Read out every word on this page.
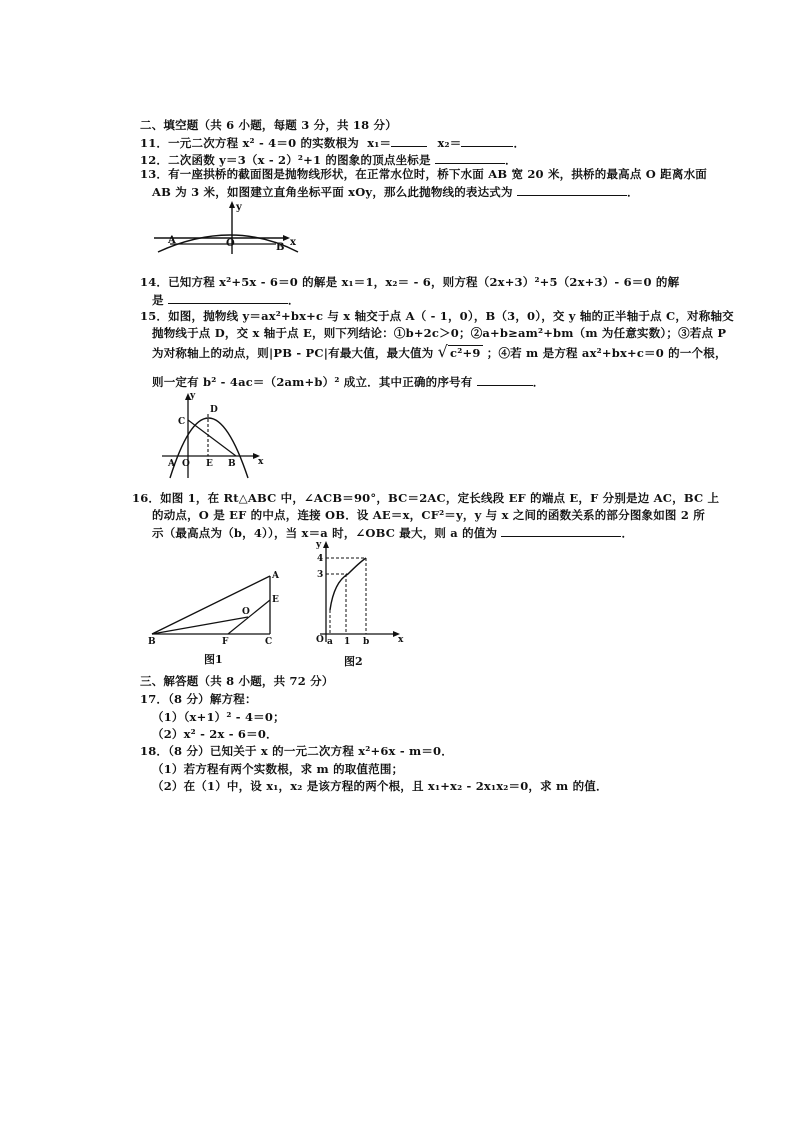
二、填空题（共 6 小题，每题 3 分，共 18 分）
11．一元二次方程 x² - 4＝0 的实数根为 x₁＝	x₂＝	．
12．二次函数 y＝3（x - 2）²+1 的图象的顶点坐标是	．
13．有一座拱桥的截面图是抛物线形状，在正常水位时，桥下水面 AB 宽 20 米，拱桥的最高点 O 距离水面
AB 为 3 米，如图建立直角坐标平面 xOy，那么此抛物线的表达式为	．
y
x
A	O	B
14．已知方程 x²+5x - 6＝0 的解是 x₁＝1，x₂＝ - 6，则方程（2x+3）²+5（2x+3）- 6＝0 的解
是	．
15．如图，抛物线 y＝ax²+bx+c 与 x 轴交于点 A（ - 1，0），B（3，0），交 y 轴的正半轴于点 C，对称轴交
抛物线于点 D，交 x 轴于点 E，则下列结论：①b+2c＞0；②a+b≥am²+bm（m 为任意实数）；③若点 P
为对称轴上的动点，则|PB - PC|有最大值，最大值为 √ c²+9 ；④若 m 是方程 ax²+bx+c＝0 的一个根，
则一定有 b² - 4ac＝（2am+b）² 成立．其中正确的序号有	．
y
x
C
D
A O E B
16．如图 1，在 Rt△ABC 中，∠ACB＝90°，BC＝2AC，定长线段 EF 的端点 E，F 分别是边 AC，BC 上
的动点，O 是 EF 的中点，连接 OB．设 AE＝x，CF²＝y，y 与 x 之间的函数关系的部分图象如图 2 所
示（最高点为（b，4）），当 x＝a 时，∠OBC 最大，则 a 的值为	．
A
E
O
B	F	C
图1
y
x
4
3
O a 1 b
图2
三、解答题（共 8 小题，共 72 分）
17．（8 分）解方程：
（1）（x+1）² - 4＝0；
（2）x² - 2x - 6＝0．
18．（8 分）已知关于 x 的一元二次方程 x²+6x - m＝0．
（1）若方程有两个实数根，求 m 的取值范围；
（2）在（1）中，设 x₁，x₂ 是该方程的两个根，且 x₁+x₂ - 2x₁x₂＝0，求 m 的值．
